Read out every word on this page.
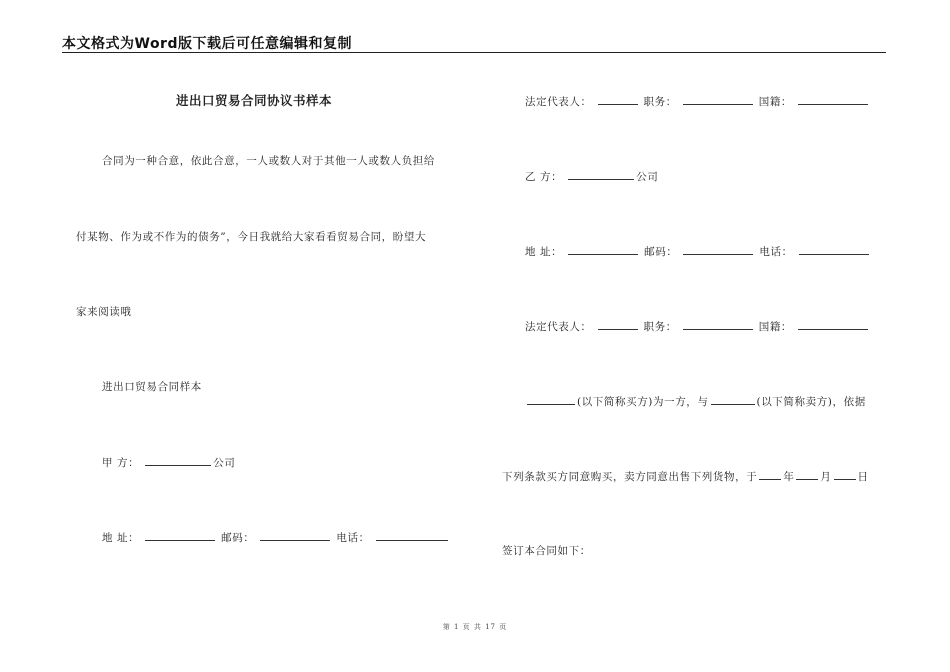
本文格式为Word版下载后可任意编辑和复制
进出口贸易合同协议书样本
合同为一种合意，依此合意，一人或数人对于其他一人或数人负担给
付某物、作为或不作为的债务”，今日我就给大家看看贸易合同，盼望大
家来阅读哦
进出口贸易合同样本
甲 方：	公司
地 址：	邮码：	电话：
法定代表人：	职务：	国籍：
乙 方：	公司
地 址：	邮码：	电话：
法定代表人：	职务：	国籍：
(以下简称买方)为一方，与	(以下简称卖方)，依据
下列条款买方同意购买，卖方同意出售下列货物，于 年 月 日
签订本合同如下：
第 1 页 共 17 页
